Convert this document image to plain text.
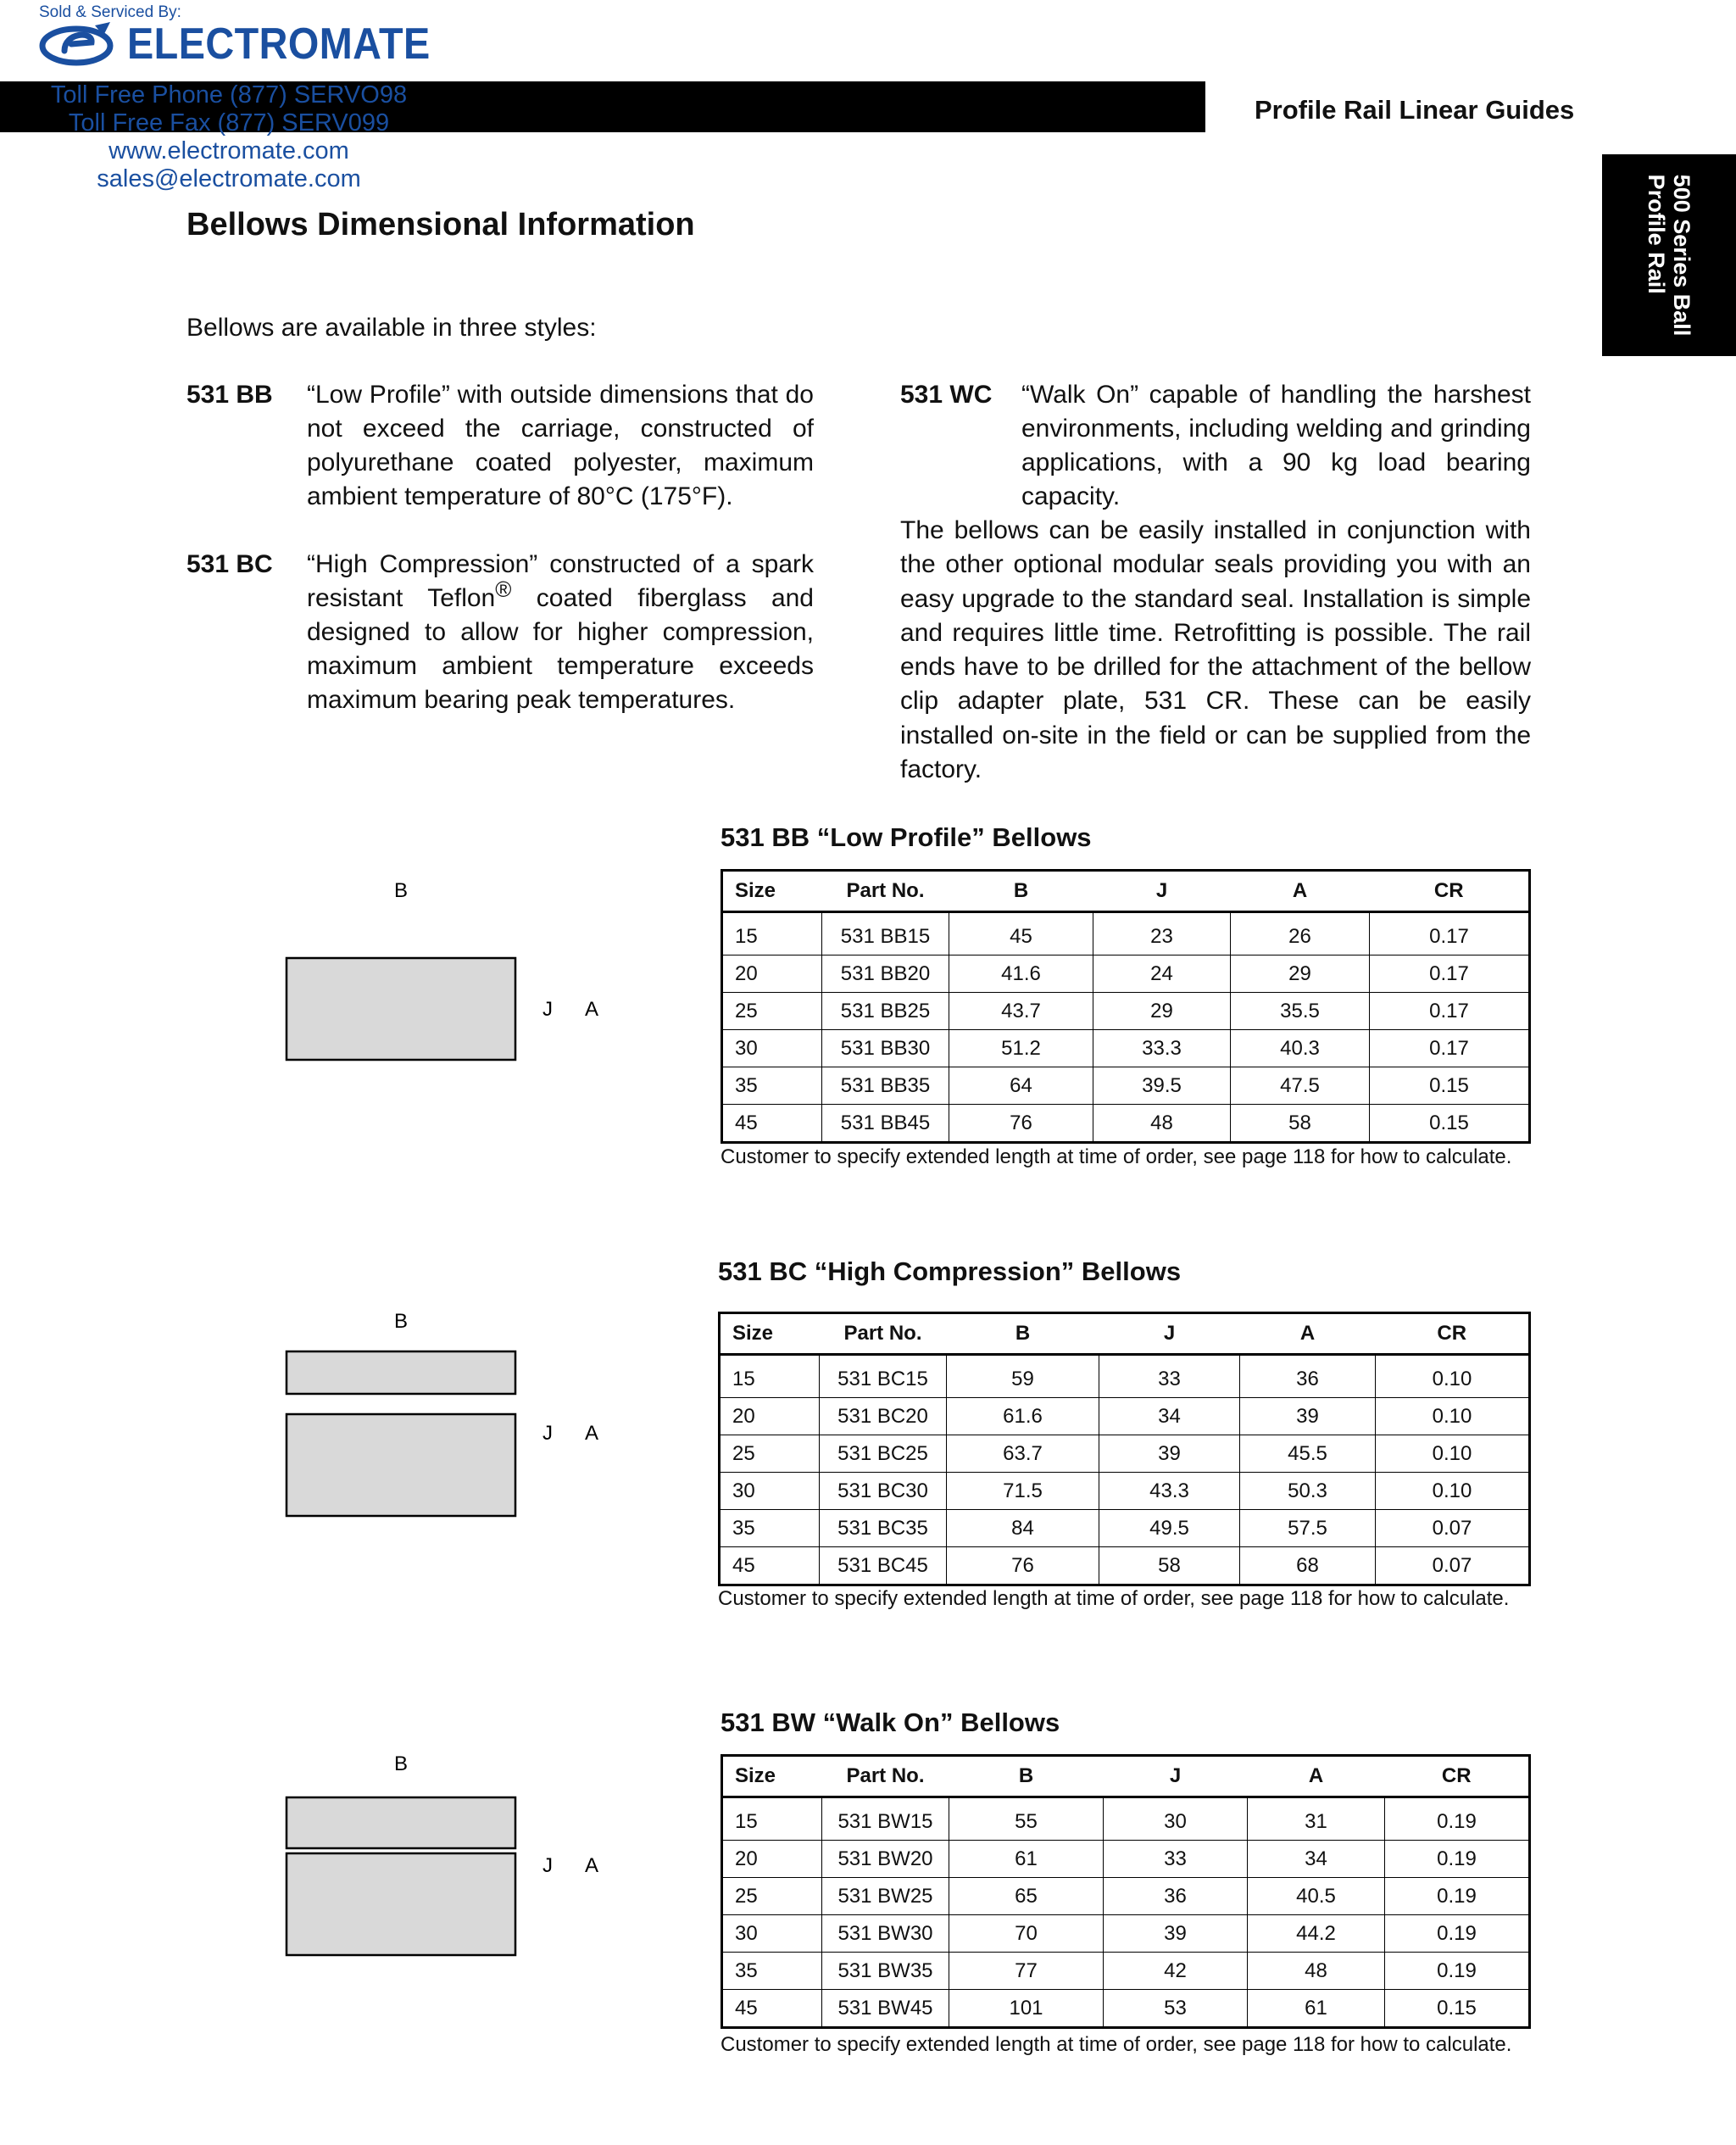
Sold & Serviced By:
ELECTROMATE
Toll Free Phone (877) SERVO98
Toll Free Fax (877) SERV099
www.electromate.com
sales@electromate.com
Profile Rail Linear Guides
500 Series Ball
Profile Rail
Bellows Dimensional Information
Bellows are available in three styles:
531 BB “Low Profile” with outside dimensions that do not exceed the carriage, constructed of polyurethane coated polyester, maximum ambient temperature of 80°C (175°F).
531 BC “High Compression” constructed of a spark resistant Teflon® coated fiberglass and designed to allow for higher compression, maximum ambient temperature exceeds maximum bearing peak temperatures.
531 WC “Walk On” capable of handling the harshest environments, including welding and grinding applications, with a 90 kg load bearing capacity.
The bellows can be easily installed in conjunction with the other optional modular seals providing you with an easy upgrade to the standard seal. Installation is simple and requires little time. Retrofitting is possible. The rail ends have to be drilled for the attachment of the bellow clip adapter plate, 531 CR. These can be easily installed on-site in the field or can be supplied from the factory.
B
J A
B
J A
B
J A
531 BB “Low Profile” Bellows
Size	Part No.	B	J	A	CR
15	531 BB15	45	23	26	0.17
20	531 BB20	41.6	24	29	0.17
25	531 BB25	43.7	29	35.5	0.17
30	531 BB30	51.2	33.3	40.3	0.17
35	531 BB35	64	39.5	47.5	0.15
45	531 BB45	76	48	58	0.15
Customer to specify extended length at time of order, see page 118 for how to calculate.
531 BC “High Compression” Bellows
Size	Part No.	B	J	A	CR
15	531 BC15	59	33	36	0.10
20	531 BC20	61.6	34	39	0.10
25	531 BC25	63.7	39	45.5	0.10
30	531 BC30	71.5	43.3	50.3	0.10
35	531 BC35	84	49.5	57.5	0.07
45	531 BC45	76	58	68	0.07
Customer to specify extended length at time of order, see page 118 for how to calculate.
531 BW “Walk On” Bellows
Size	Part No.	B	J	A	CR
15	531 BW15	55	30	31	0.19
20	531 BW20	61	33	34	0.19
25	531 BW25	65	36	40.5	0.19
30	531 BW30	70	39	44.2	0.19
35	531 BW35	77	42	48	0.19
45	531 BW45	101	53	61	0.15
Customer to specify extended length at time of order, see page 118 for how to calculate.
